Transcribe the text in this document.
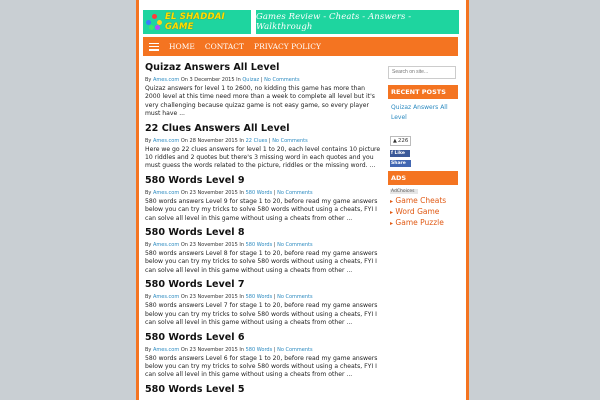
EL SHADDAI GAME
Games Review - Cheats - Answers - Walkthrough
HOME CONTACT PRIVACY POLICY
Quizaz Answers All Level
By Ames.com On 3 December 2015 In Quizaz | No Comments

Quizaz answers for level 1 to 2600, no kidding this game has more than 2000 level at this time need more than a week to complete all level but it's very challenging because quizaz game is not easy game, so every player must have ...

22 Clues Answers All Level
By Ames.com On 28 November 2015 In 22 Clues | No Comments

Here we go 22 clues answers for level 1 to 20, each level contains 10 picture 10 riddles and 2 quotes but there's 3 missing word in each quotes and you must guess the words related to the picture, riddles or the missing word. ...

580 Words Level 9
By Ames.com On 23 November 2015 In 580 Words | No Comments

580 words answers Level 9 for stage 1 to 20, before read my game answers below you can try my tricks to solve 580 words without using a cheats, FYI I can solve all level in this game without using a cheats from other ...

580 Words Level 8
By Ames.com On 23 November 2015 In 580 Words | No Comments

580 words answers Level 8 for stage 1 to 20, before read my game answers below you can try my tricks to solve 580 words without using a cheats, FYI I can solve all level in this game without using a cheats from other ...

580 Words Level 7
By Ames.com On 23 November 2015 In 580 Words | No Comments

580 words answers Level 7 for stage 1 to 20, before read my game answers below you can try my tricks to solve 580 words without using a cheats, FYI I can solve all level in this game without using a cheats from other ...

580 Words Level 6
By Ames.com On 23 November 2015 In 580 Words | No Comments

580 words answers Level 6 for stage 1 to 20, before read my game answers below you can try my tricks to solve 580 words without using a cheats, FYI I can solve all level in this game without using a cheats from other ...

580 Words Level 5
Search on site...
RECENT POSTS
Quizaz Answers All Level
▲ 226
f Like
Share
ADS
AdChoices
▸ Game Cheats
▸ Word Game
▸ Game Puzzle
